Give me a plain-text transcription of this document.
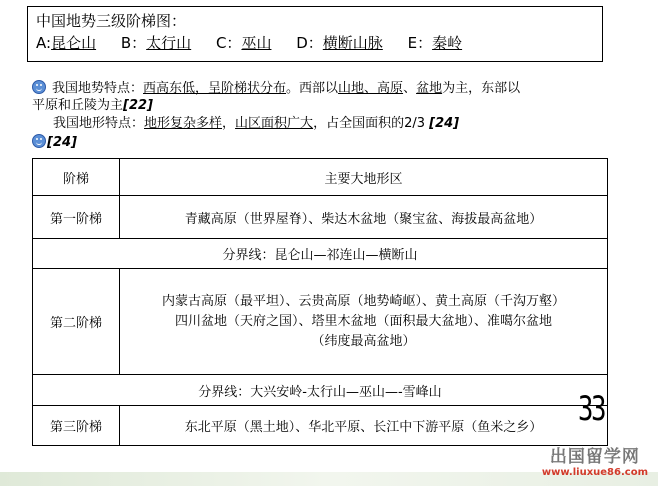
中国地势三级阶梯图：
A:昆仑山 B：太行山 C：巫山 D：横断山脉 E：秦岭
我国地势特点：西高东低，呈阶梯状分布。西部以山地、高原、盆地为主，东部以
平原和丘陵为主[22]
我国地形特点：地形复杂多样，山区面积广大，占全国面积的2/3 [24]
[24]
阶梯	主要大地形区
第一阶梯	青藏高原（世界屋脊）、柴达木盆地（聚宝盆、海拔最高盆地）
分界线：昆仑山—祁连山—横断山	
第二阶梯	内蒙古高原（最平坦）、云贵高原（地势崎岖）、黄土高原（千沟万壑）
四川盆地（天府之国）、塔里木盆地（面积最大盆地）、准噶尔盆地
（纬度最高盆地）

分界线：大兴安岭-太行山—巫山—-雪峰山	
第三阶梯	东北平原（黑土地）、华北平原、长江中下游平原（鱼米之乡） 33
出国留学网
www.liuxue86.com
